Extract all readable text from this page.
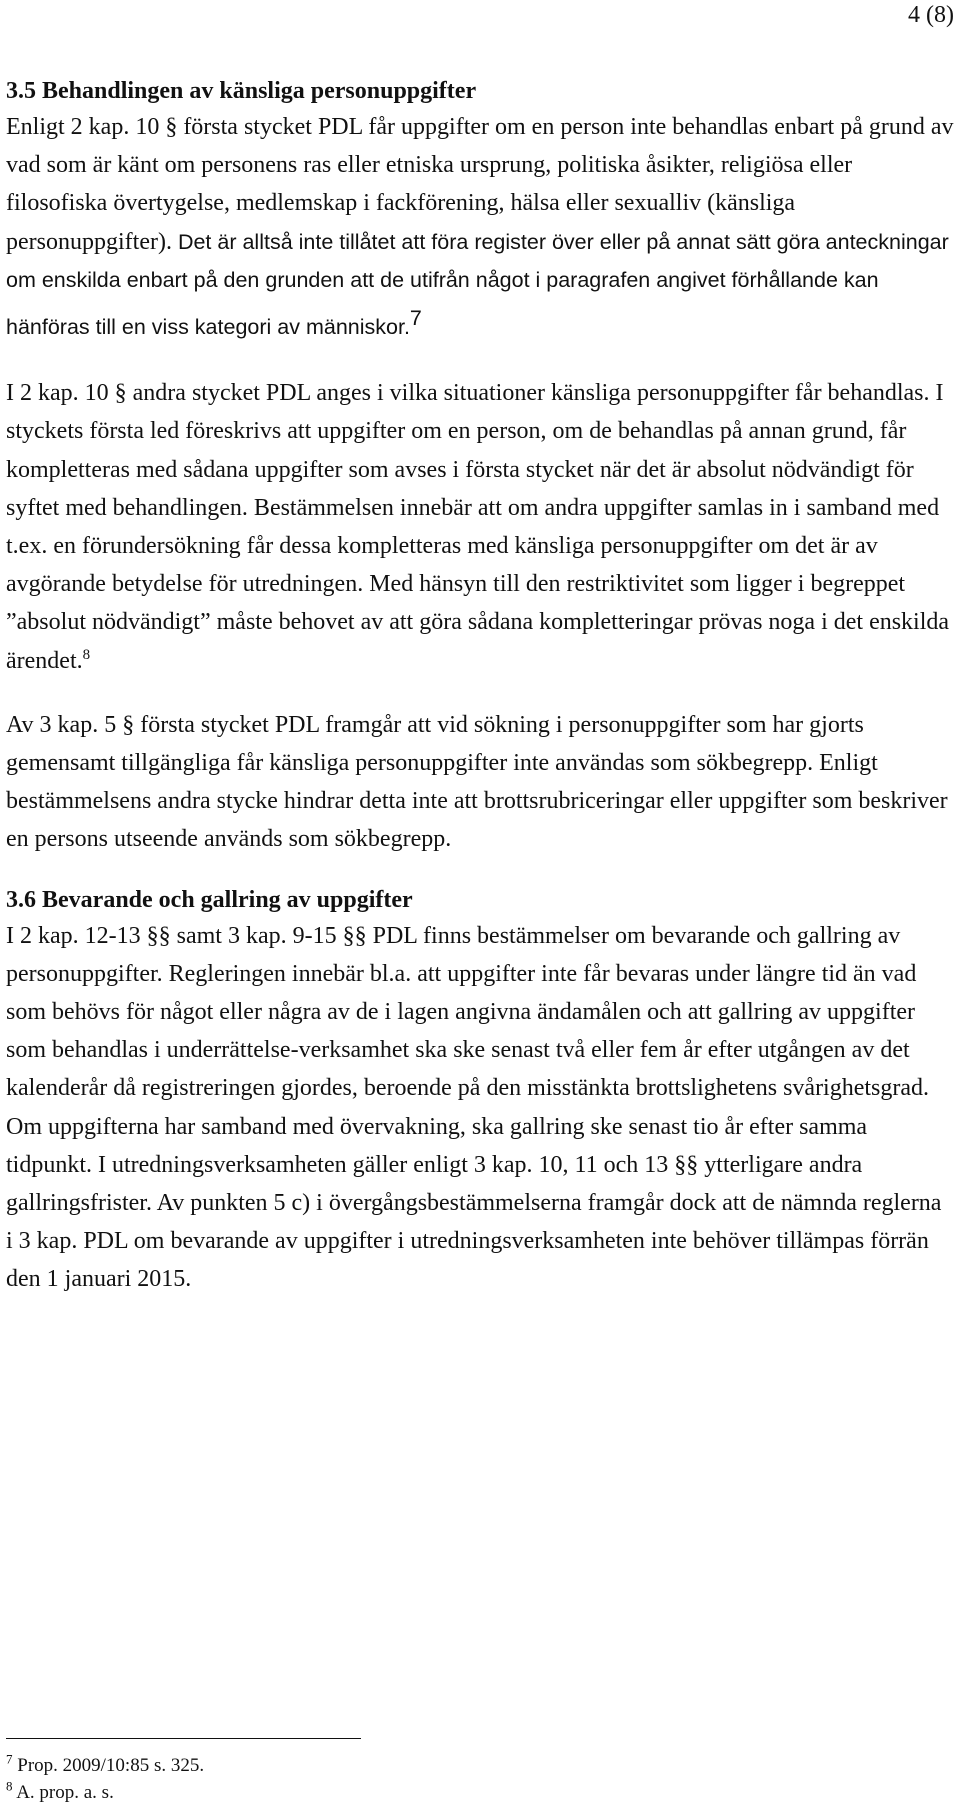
4 (8)
3.5 Behandlingen av känsliga personuppgifter

Enligt 2 kap. 10 § första stycket PDL får uppgifter om en person inte behandlas enbart på grund av vad som är känt om personens ras eller etniska ursprung, politiska åsikter, religiösa eller filosofiska övertygelse, medlemskap i fackförening, hälsa eller sexualliv (känsliga personuppgifter). Det är alltså inte tillåtet att föra register över eller på annat sätt göra anteckningar om enskilda enbart på den grunden att de utifrån något i paragrafen angivet förhållande kan hänföras till en viss kategori av människor.$^7$

I 2 kap. 10 § andra stycket PDL anges i vilka situationer känsliga personuppgifter får behandlas. I styckets första led föreskrivs att uppgifter om en person, om de behandlas på annan grund, får kompletteras med sådana uppgifter som avses i första stycket när det är absolut nödvändigt för syftet med behandlingen. Bestämmelsen innebär att om andra uppgifter samlas in i samband med t.ex. en förundersökning får dessa kompletteras med känsliga personuppgifter om det är av avgörande betydelse för utredningen. Med hänsyn till den restriktivitet som ligger i begreppet ”absolut nödvändigt” måste behovet av att göra sådana kompletteringar prövas noga i det enskilda ärendet.$^8$

Av 3 kap. 5 § första stycket PDL framgår att vid sökning i personuppgifter som har gjorts gemensamt tillgängliga får känsliga personuppgifter inte användas som sökbegrepp. Enligt bestämmelsens andra stycke hindrar detta inte att brottsrubriceringar eller uppgifter som beskriver en persons utseende används som sökbegrepp.

3.6 Bevarande och gallring av uppgifter

I 2 kap. 12-13 §§ samt 3 kap. 9-15 §§ PDL finns bestämmelser om bevarande och gallring av personuppgifter. Regleringen innebär bl.a. att uppgifter inte får bevaras under längre tid än vad som behövs för något eller några av de i lagen angivna ändamålen och att gallring av uppgifter som behandlas i underrättelse-verksamhet ska ske senast två eller fem år efter utgången av det kalenderår då registreringen gjordes, beroende på den misstänkta brottslighetens svårighetsgrad. Om uppgifterna har samband med övervakning, ska gallring ske senast tio år efter samma tidpunkt. I utredningsverksamheten gäller enligt 3 kap. 10, 11 och 13 §§ ytterligare andra gallringsfrister. Av punkten 5 c) i övergångsbestämmelserna framgår dock att de nämnda reglerna i 3 kap. PDL om bevarande av uppgifter i utredningsverksamheten inte behöver tillämpas förrän den 1 januari 2015.

$^7$ Prop. 2009/10:85 s. 325.

$^8$ A. prop. a. s.
